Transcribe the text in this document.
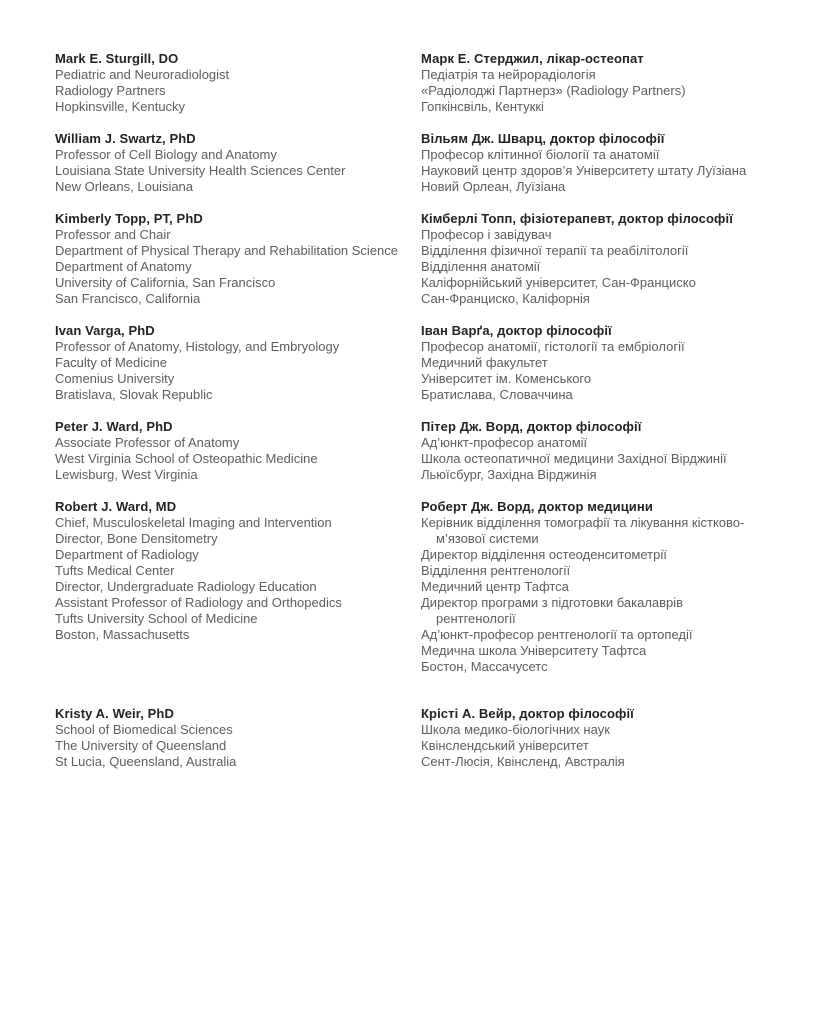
Mark E. Sturgill, DO

Pediatric and Neuroradiologist

Radiology Partners

Hopkinsville, Kentucky

Марк Е. Стерджил, лікар-остеопат

Педіатрія та нейрорадіологія

«Радіолоджі Партнерз» (Radiology Partners)

Гопкінсвіль, Кентуккі

William J. Swartz, PhD

Professor of Cell Biology and Anatomy

Louisiana State University Health Sciences Center

New Orleans, Louisiana

Вільям Дж. Шварц, доктор філософії

Професор клітинної біології та анатомії

Науковий центр здоров’я Університету штату Луїзіана

Новий Орлеан, Луїзіана

Kimberly Topp, PT, PhD

Professor and Chair

Department of Physical Therapy and Rehabilitation Science

Department of Anatomy

University of California, San Francisco

San Francisco, California

Кімберлі Топп, фізіотерапевт, доктор філософії

Професор і завідувач

Відділення фізичної терапії та реабілітології

Відділення анатомії

Каліфорнійський університет, Сан-Франциско

Сан-Франциско, Каліфорнія

Ivan Varga, PhD

Professor of Anatomy, Histology, and Embryology

Faculty of Medicine

Comenius University

Bratislava, Slovak Republic

Іван Варґа, доктор філософії

Професор анатомії, гістології та ембріології

Медичний факультет

Університет ім. Коменського

Братислава, Словаччина

Peter J. Ward, PhD

Associate Professor of Anatomy

West Virginia School of Osteopathic Medicine

Lewisburg, West Virginia

Пітер Дж. Ворд, доктор філософії

Ад’юнкт-професор анатомії

Школа остеопатичної медицини Західної Вірджинії

Льюїсбург, Західна Вірджинія

Robert J. Ward, MD

Chief, Musculoskeletal Imaging and Intervention

Director, Bone Densitometry

Department of Radiology

Tufts Medical Center

Director, Undergraduate Radiology Education

Assistant Professor of Radiology and Orthopedics

Tufts University School of Medicine

Boston, Massachusetts

Роберт Дж. Ворд, доктор медицини

Керівник відділення томографії та лікування кістково-

м’язової системи

Директор відділення остеоденситометрії

Відділення рентгенології

Медичний центр Тафтса

Директор програми з підготовки бакалаврів

рентгенології

Ад’юнкт-професор рентгенології та ортопедії

Медична школа Університету Тафтса

Бостон, Массачусетс

Kristy A. Weir, PhD

School of Biomedical Sciences

The University of Queensland

St Lucia, Queensland, Australia

Крісті А. Вейр, доктор філософії

Школа медико-біологічних наук

Квінслендський університет

Сент-Люсія, Квінсленд, Австралія
